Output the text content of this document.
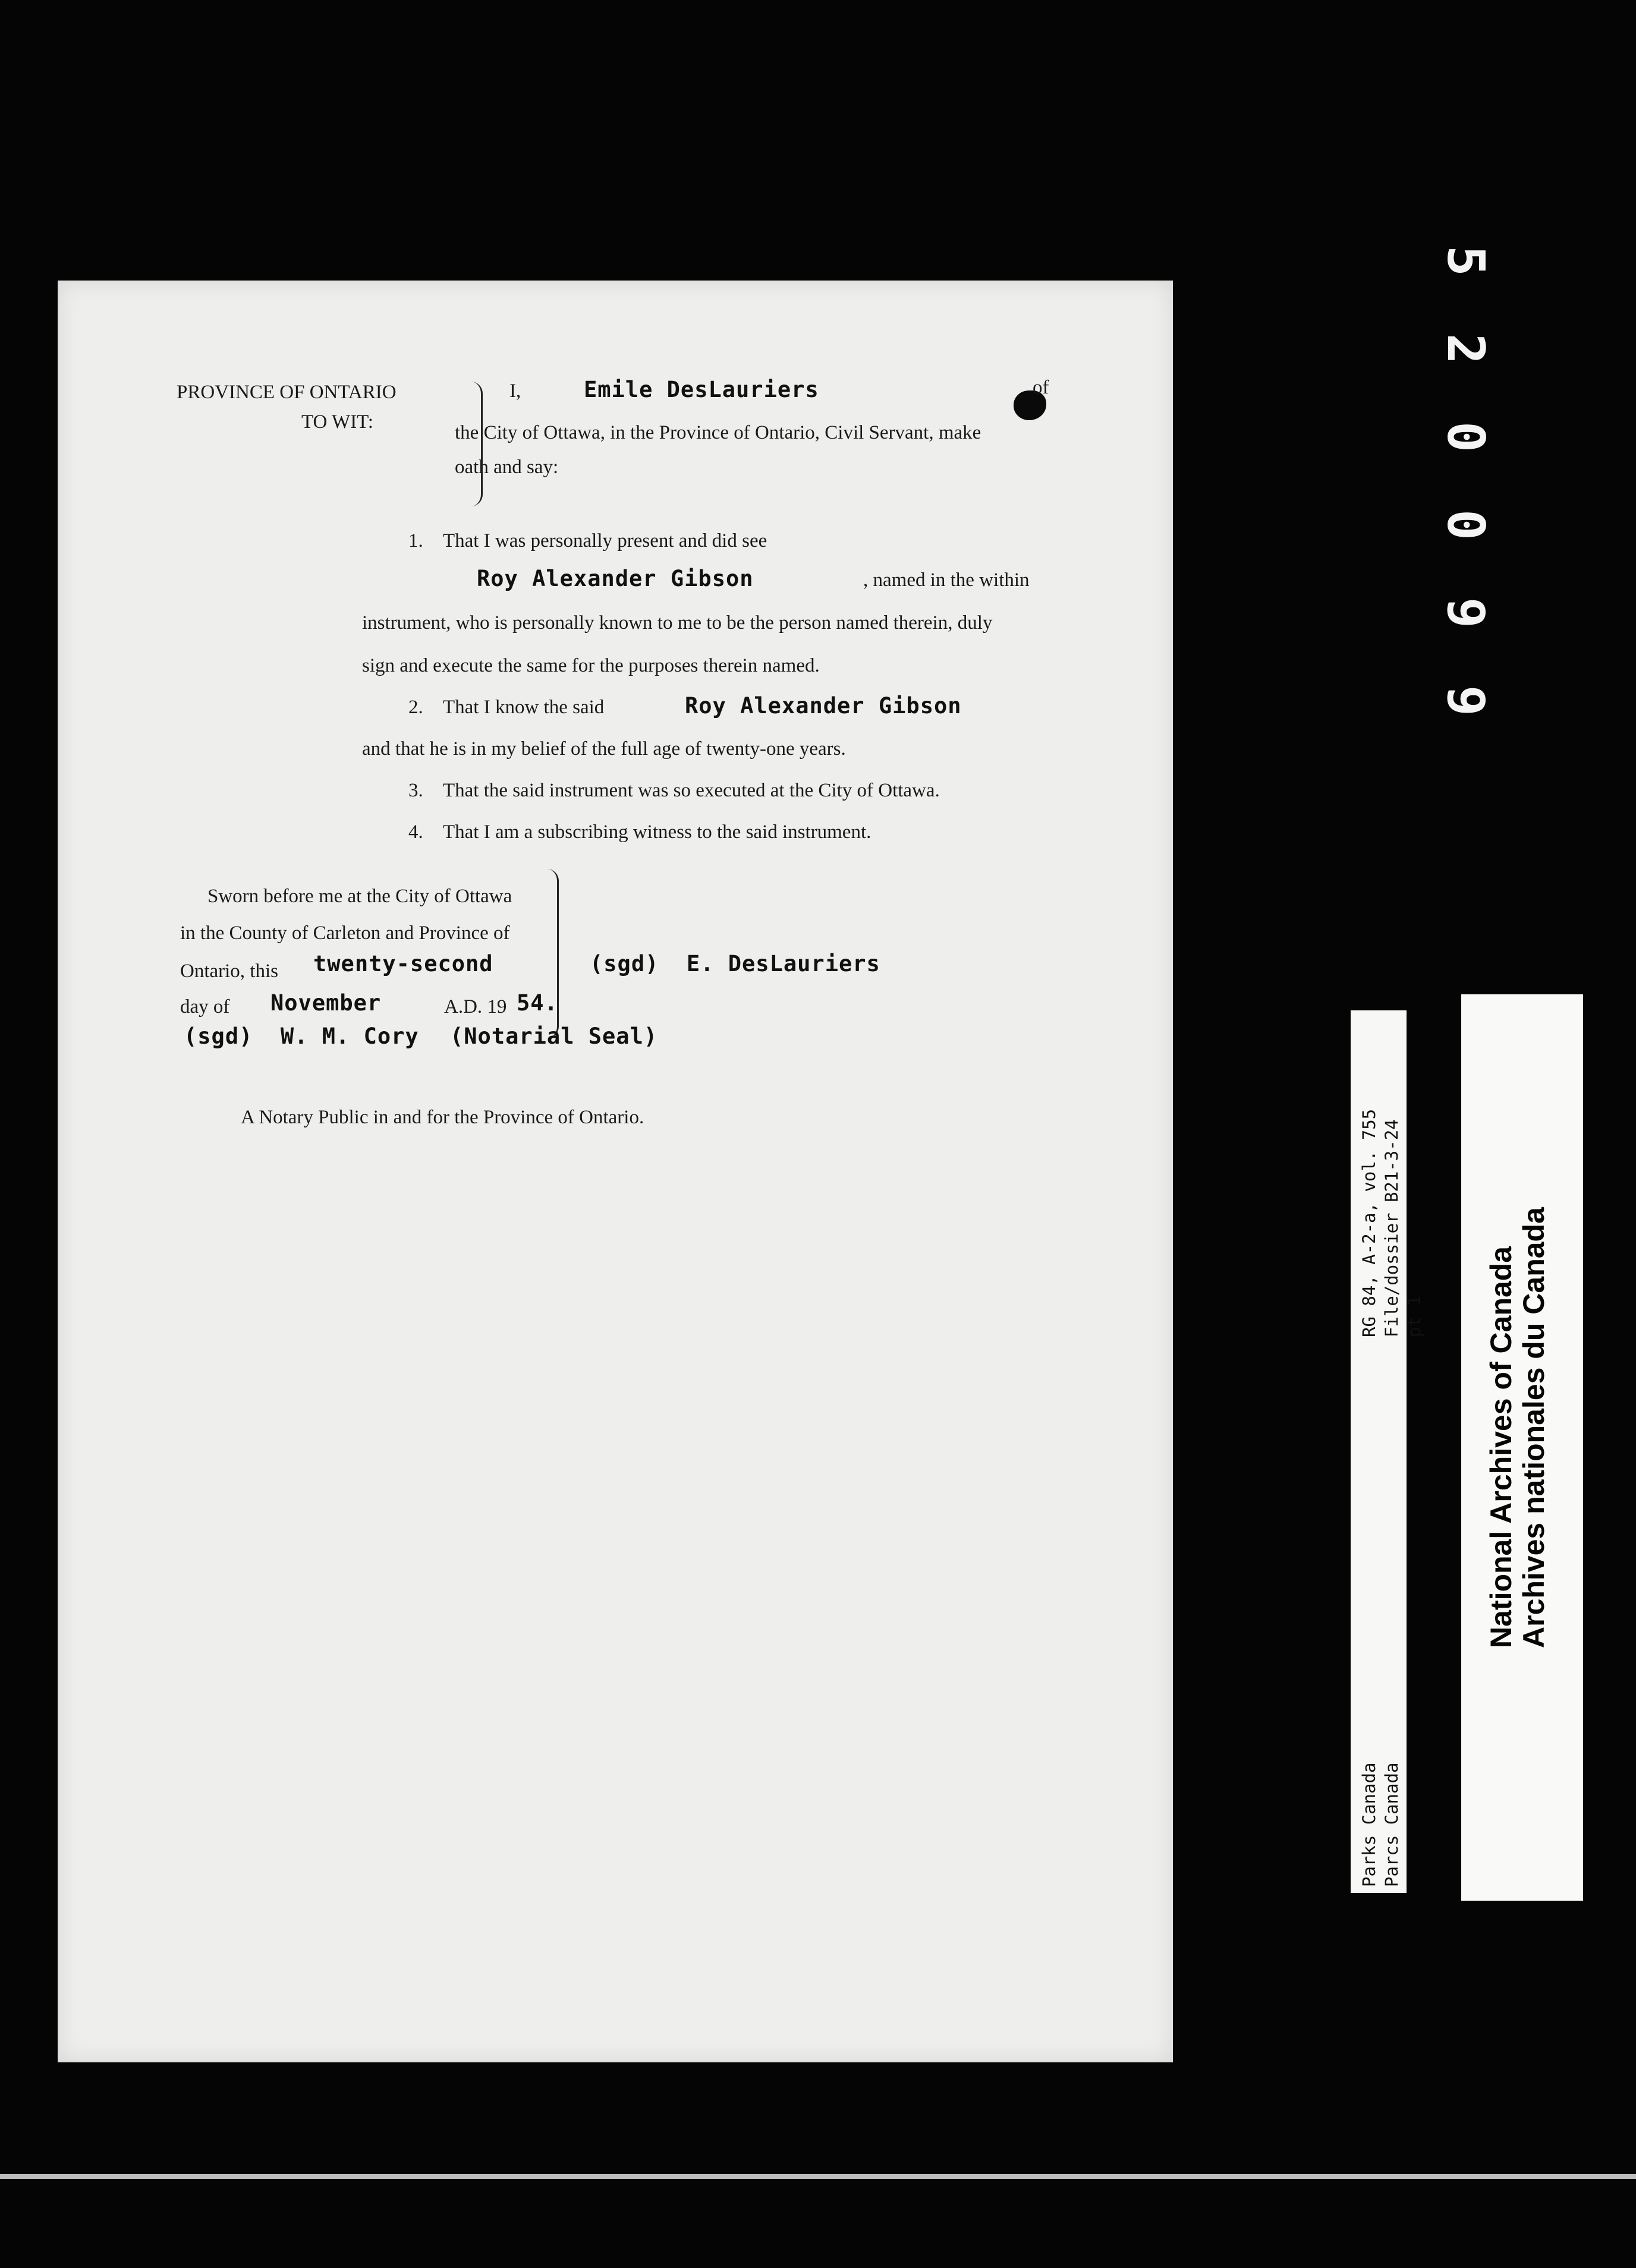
PROVINCE OF ONTARIO
TO WIT:
I,	Emile DesLauriers	of
the City of Ottawa, in the Province of Ontario, Civil Servant, make
oath and say:
1. That I was personally present and did see
Roy Alexander Gibson	, named in the within
instrument, who is personally known to me to be the person named therein, duly
sign and execute the same for the purposes therein named.
2. That I know the said	Roy Alexander Gibson
and that he is in my belief of the full age of twenty-one years.
3. That the said instrument was so executed at the City of Ottawa.
4. That I am a subscribing witness to the said instrument.
Sworn before me at the City of Ottawa
in the County of Carleton and Province of
Ontario, this twenty-second
day of November	A.D. 19 54.
(sgd)  E. DesLauriers
(sgd)  W. M. Cory (Notarial Seal)
A Notary Public in and for the Province of Ontario.
5
2
0
0
9
9
RG 84, A-2-a, vol. 755 File/dossier B21-3-24 pt 1
Parks Canada Parcs Canada
National Archives of Canada Archives nationales du Canada
